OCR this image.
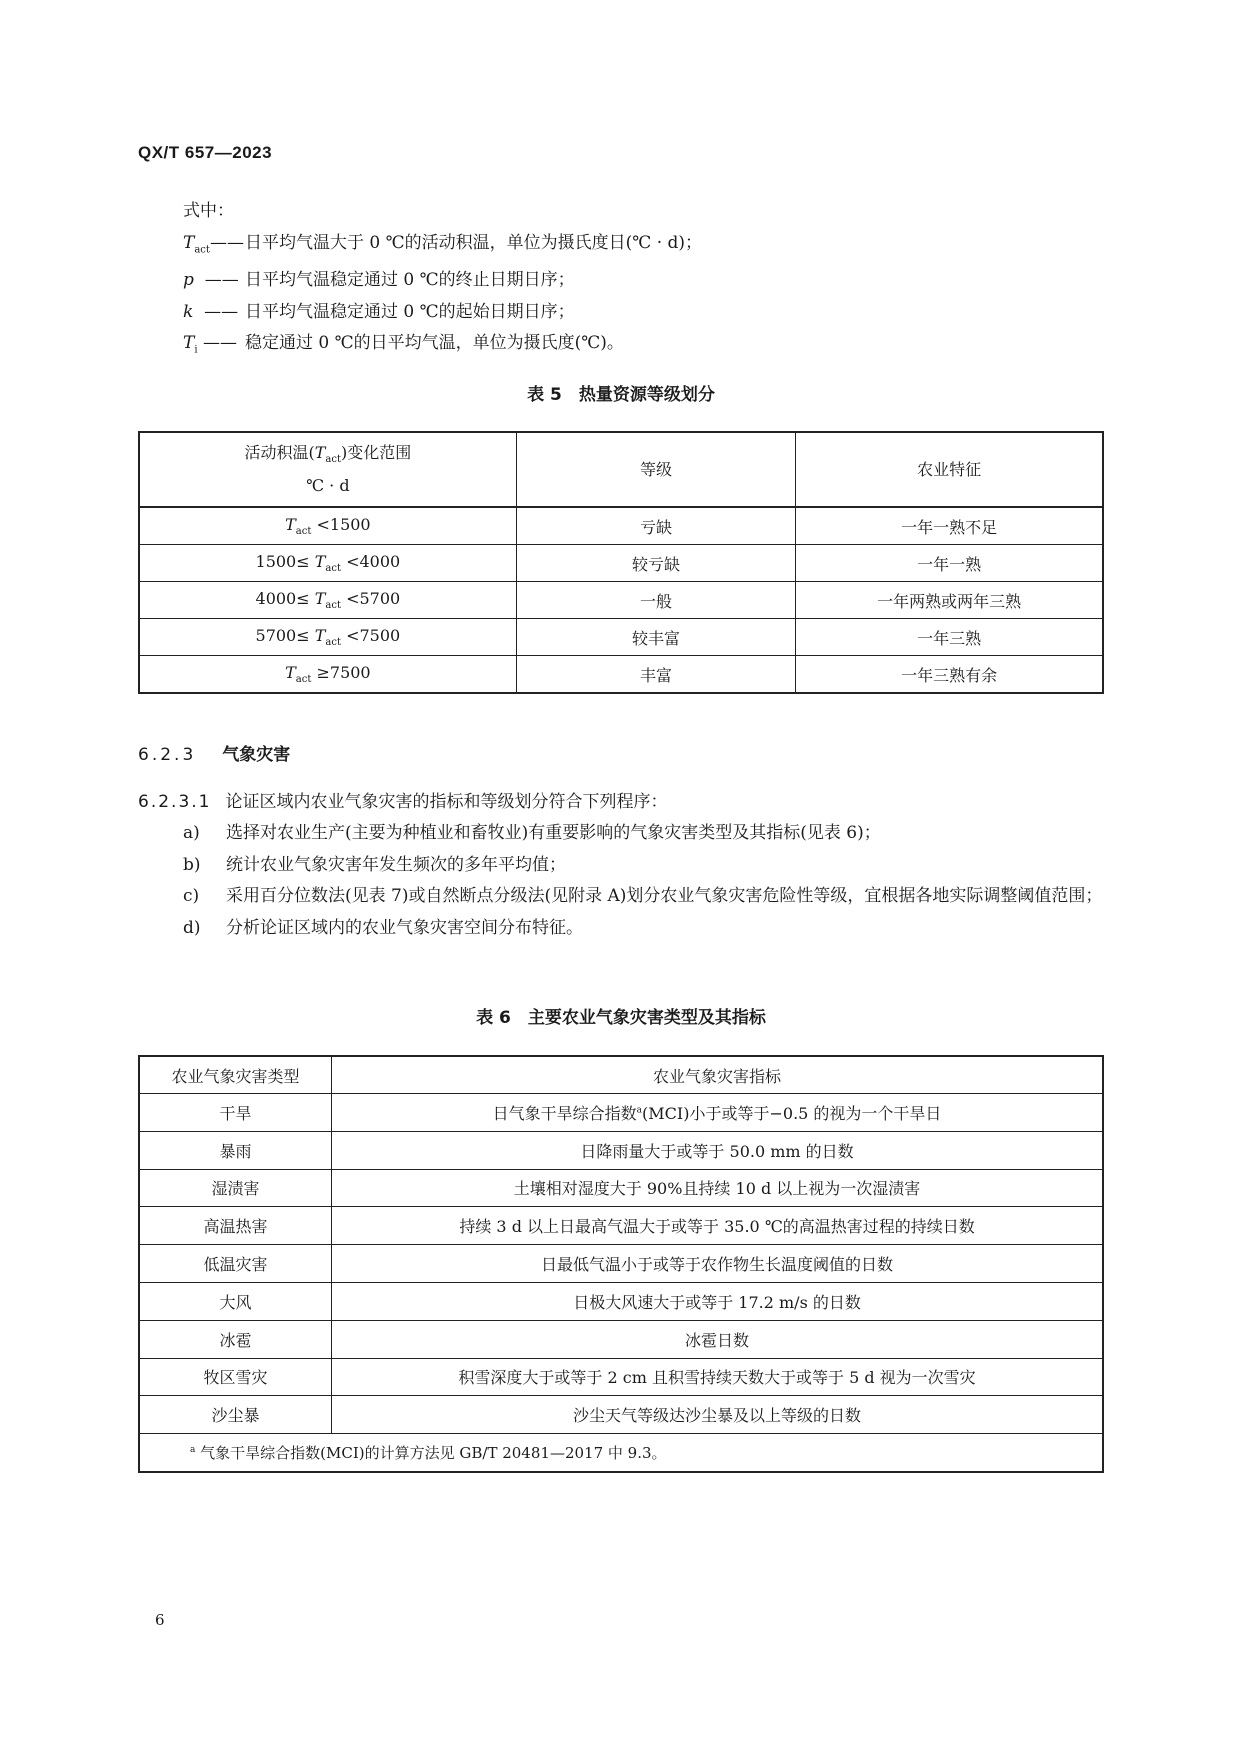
QX/T 657—2023
式中：
$T_{act}——$日平均气温大于 0 ℃的活动积温，单位为摄氏度日(℃ · d)；
p —— 日平均气温稳定通过 0 ℃的终止日期日序；
k —— 日平均气温稳定通过 0 ℃的起始日期日序；
$T_i$ —— 稳定通过 0 ℃的日平均气温，单位为摄氏度(℃)。
表 5　热量资源等级划分
活动积温$(T_{act})$变化范围
℃ · d	等级	农业特征
$T_{act} <1500$	亏缺	一年一熟不足
$1500\le T_{act} <4000$	较亏缺	一年一熟
$4000\le T_{act} <5700$	一般	一年两熟或两年三熟
$5700\le T_{act} <7500$	较丰富	一年三熟
$T_{act} \ge 7500$	丰富	一年三熟有余
6.2.3 气象灾害
6.2.3.1 论证区域内农业气象灾害的指标和等级划分符合下列程序：
a) 选择对农业生产(主要为种植业和畜牧业)有重要影响的气象灾害类型及其指标(见表 6)；
b) 统计农业气象灾害年发生频次的多年平均值；
c) 采用百分位数法(见表 7)或自然断点分级法(见附录 A)划分农业气象灾害危险性等级，宜根据各地实际调整阈值范围；
d) 分析论证区域内的农业气象灾害空间分布特征。
表 6　主要农业气象灾害类型及其指标
农业气象灾害类型	农业气象灾害指标
干旱	日气象干旱综合指数$^a$(MCI)小于或等于−0.5 的视为一个干旱日
暴雨	日降雨量大于或等于 50.0 mm 的日数
湿渍害	土壤相对湿度大于 90%且持续 10 d 以上视为一次湿渍害
高温热害	持续 3 d 以上日最高气温大于或等于 35.0 ℃的高温热害过程的持续日数
低温灾害	日最低气温小于或等于农作物生长温度阈值的日数
大风	日极大风速大于或等于 17.2 m/s 的日数
冰雹	冰雹日数
牧区雪灾	积雪深度大于或等于 2 cm 且积雪持续天数大于或等于 5 d 视为一次雪灾
沙尘暴	沙尘天气等级达沙尘暴及以上等级的日数
$^a$ 气象干旱综合指数(MCI)的计算方法见 GB/T 20481—2017 中 9.3。	
6
